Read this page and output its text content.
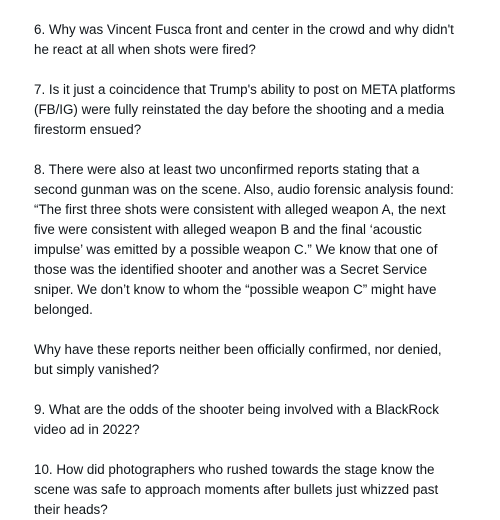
6. Why was Vincent Fusca front and center in the crowd and why didn't
he react at all when shots were fired?

7. Is it just a coincidence that Trump's ability to post on META platforms
(FB/IG) were fully reinstated the day before the shooting and a media
firestorm ensued?

8. There were also at least two unconfirmed reports stating that a
second gunman was on the scene. Also, audio forensic analysis found:
“The first three shots were consistent with alleged weapon A, the next
five were consistent with alleged weapon B and the final ‘acoustic
impulse’ was emitted by a possible weapon C.” We know that one of
those was the identified shooter and another was a Secret Service
sniper. We don’t know to whom the “possible weapon C” might have
belonged.

Why have these reports neither been officially confirmed, nor denied,
but simply vanished?

9. What are the odds of the shooter being involved with a BlackRock
video ad in 2022?

10. How did photographers who rushed towards the stage know the
scene was safe to approach moments after bullets just whizzed past
their heads?
